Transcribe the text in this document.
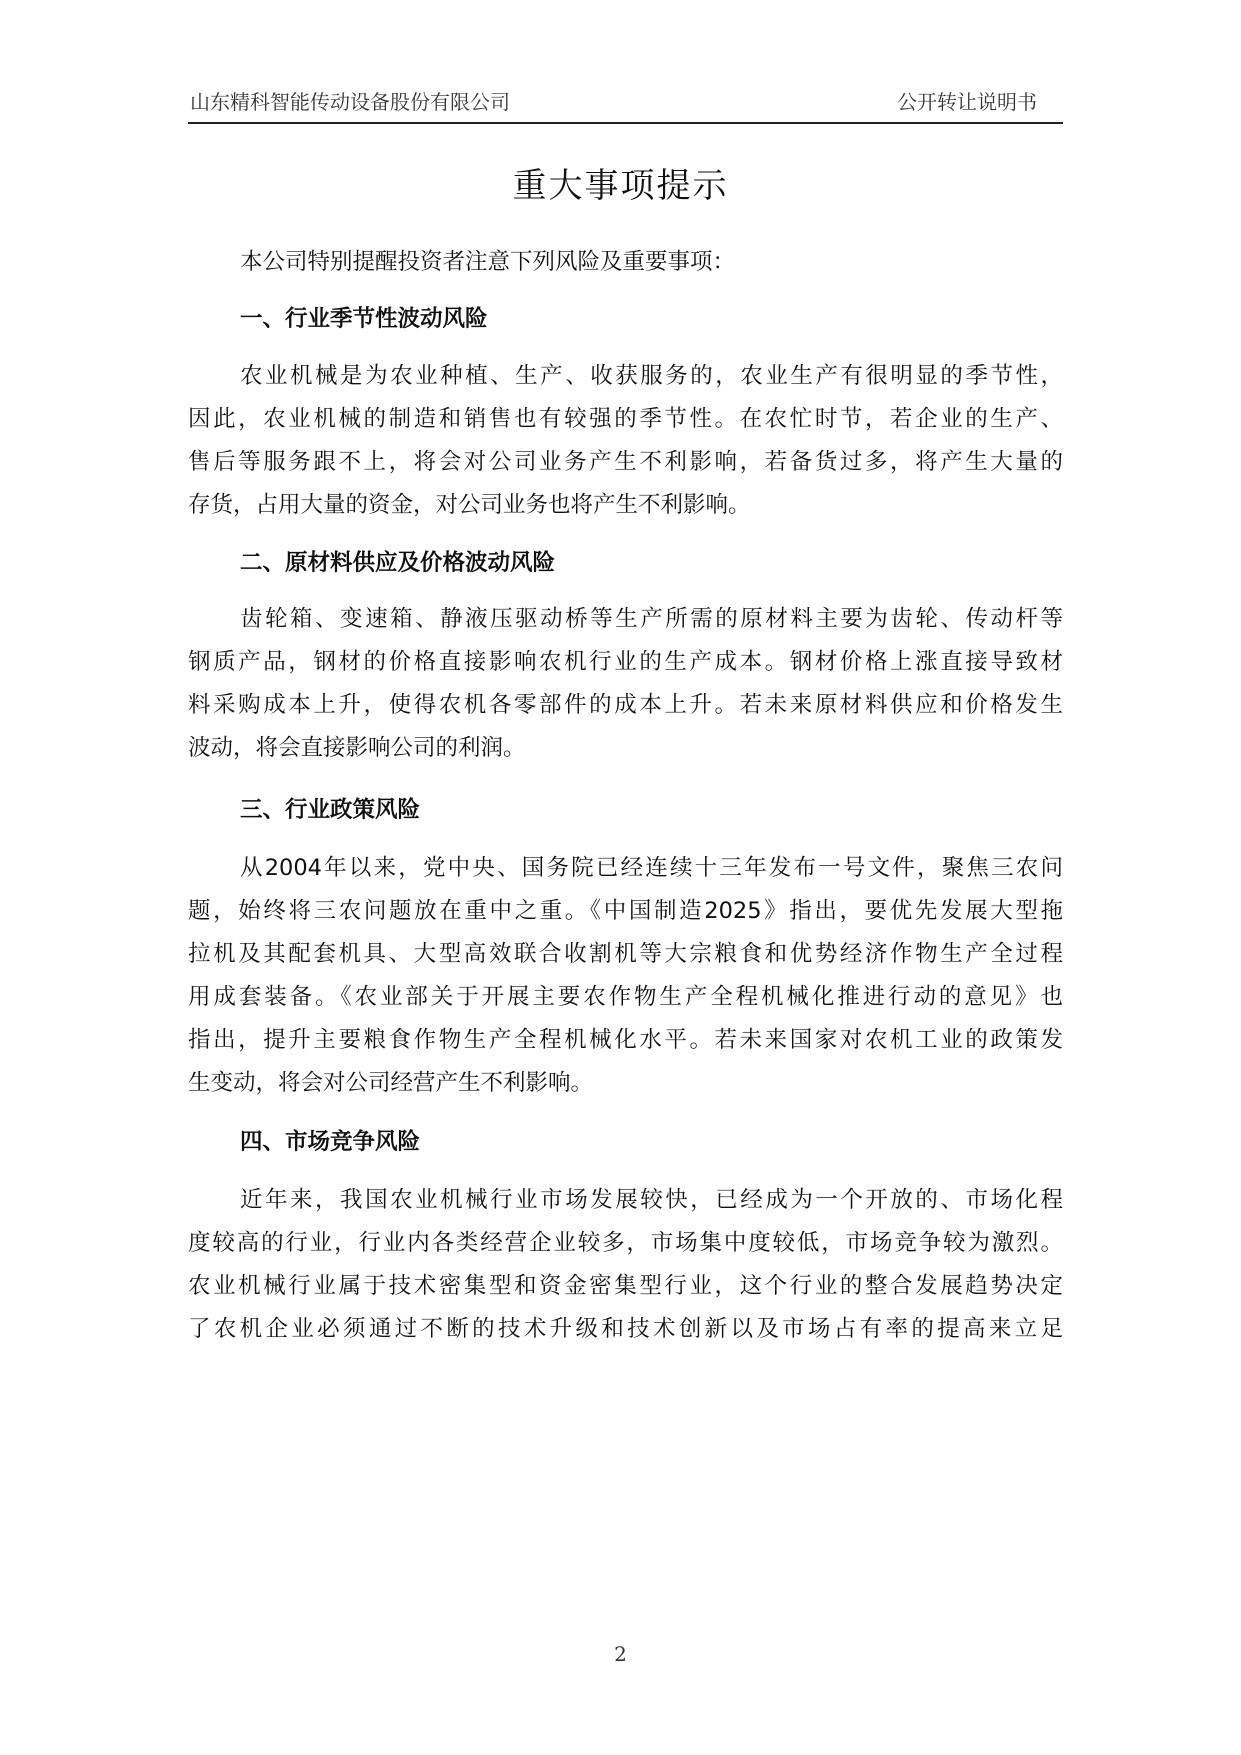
山东精科智能传动设备股份有限公司	公开转让说明书
重大事项提示
本公司特别提醒投资者注意下列风险及重要事项：
一、行业季节性波动风险
农业机械是为农业种植、生产、收获服务的，农业生产有很明显的季节性，
因此，农业机械的制造和销售也有较强的季节性。在农忙时节，若企业的生产、
售后等服务跟不上，将会对公司业务产生不利影响，若备货过多，将产生大量的
存货，占用大量的资金，对公司业务也将产生不利影响。
二、原材料供应及价格波动风险
齿轮箱、变速箱、静液压驱动桥等生产所需的原材料主要为齿轮、传动杆等
钢质产品，钢材的价格直接影响农机行业的生产成本。钢材价格上涨直接导致材
料采购成本上升，使得农机各零部件的成本上升。若未来原材料供应和价格发生
波动，将会直接影响公司的利润。
三、行业政策风险
从2004年以来，党中央、国务院已经连续十三年发布一号文件，聚焦三农问
题，始终将三农问题放在重中之重。《中国制造2025》指出，要优先发展大型拖
拉机及其配套机具、大型高效联合收割机等大宗粮食和优势经济作物生产全过程
用成套装备。《农业部关于开展主要农作物生产全程机械化推进行动的意见》也
指出，提升主要粮食作物生产全程机械化水平。若未来国家对农机工业的政策发
生变动，将会对公司经营产生不利影响。
四、市场竞争风险
近年来，我国农业机械行业市场发展较快，已经成为一个开放的、市场化程
度较高的行业，行业内各类经营企业较多，市场集中度较低，市场竞争较为激烈。
农业机械行业属于技术密集型和资金密集型行业，这个行业的整合发展趋势决定
了农机企业必须通过不断的技术升级和技术创新以及市场占有率的提高来立足
2
